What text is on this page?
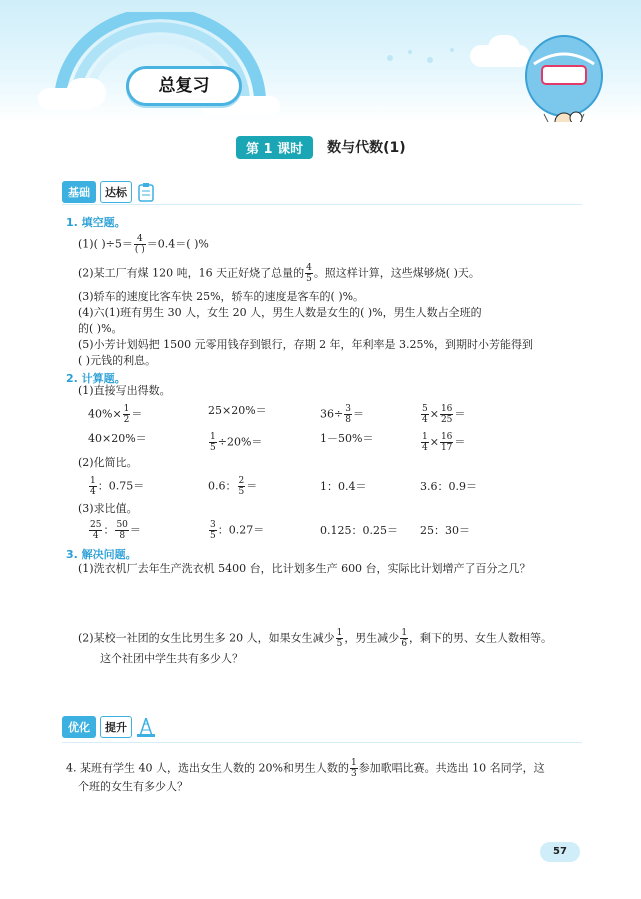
总复习
第 1 课时	数与代数(1)
基础	达标
1. 填空题。
(1)( )$\div 5= \frac{4}{( )} =0.4=$( )%
(2)某工厂有煤 120 吨，16 天正好烧了总量的 $\frac{4}{5}$ 。照这样计算，这些煤够烧( )天。
(3)轿车的速度比客车快 25%，轿车的速度是客车的( )%。
(4)六(1)班有男生 30 人，女生 20 人，男生人数是女生的( )%，男生人数占全班的
的( )%。
(5)小芳计划妈把 1500 元零用钱存到银行，存期 2 年，年利率是 3.25%，到期时小芳能得到
( )元钱的利息。
2. 计算题。
(1)直接写出得数。
$40\%\times \frac{1}{2}$ ＝	25×20%＝	$36\div \frac{3}{8}$ ＝	$\frac{5}{4} \times \frac{16}{25}$ ＝
40×20%＝	$\frac{1}{5} \div 20\%=$	1－50%＝	$\frac{1}{4} \times \frac{16}{17}$ ＝
(2)化简比。
$\frac{1}{4}$ ：0.75＝	0.6： $\frac{2}{5}$ ＝	1：0.4＝	3.6：0.9＝
(3)求比值。
$\frac{25}{4}$ ： $\frac{50}{8}$ ＝	$\frac{3}{5}$ ：0.27＝	0.125：0.25＝ 25：30＝
3. 解决问题。
(1)洗衣机厂去年生产洗衣机 5400 台，比计划多生产 600 台，实际比计划增产了百分之几？
(2)某校一社团的女生比男生多 20 人，如果女生减少 $\frac{1}{5}$ ，男生减少 $\frac{1}{6}$ ，剩下的男、女生人数相等。
这个社团中学生共有多少人？
优化	提升
4. 某班有学生 40 人，选出女生人数的 20%和男生人数的 $\frac{1}{3}$ 参加歌唱比赛。共选出 10 名同学，这
个班的女生有多少人？
57
